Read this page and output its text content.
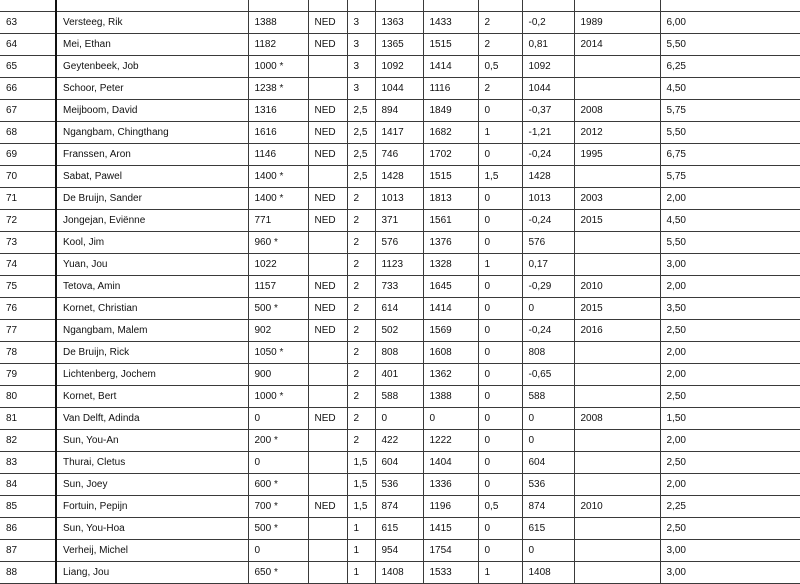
63	Versteeg, Rik	1388	NED	3	1363	1433	2	-0,2	1989	6,00
64	Mei, Ethan	1182	NED	3	1365	1515	2	0,81	2014	5,50
65	Geytenbeek, Job	1000 *		3	1092	1414	0,5	1092		6,25
66	Schoor, Peter	1238 *		3	1044	1116	2	1044		4,50
67	Meijboom, David	1316	NED	2,5	894	1849	0	-0,37	2008	5,75
68	Ngangbam, Chingthang	1616	NED	2,5	1417	1682	1	-1,21	2012	5,50
69	Franssen, Aron	1146	NED	2,5	746	1702	0	-0,24	1995	6,75
70	Sabat, Pawel	1400 *		2,5	1428	1515	1,5	1428		5,75
71	De Bruijn, Sander	1400 *	NED	2	1013	1813	0	1013	2003	2,00
72	Jongejan, Eviënne	771	NED	2	371	1561	0	-0,24	2015	4,50
73	Kool, Jim	960 *		2	576	1376	0	576		5,50
74	Yuan, Jou	1022		2	1123	1328	1	0,17		3,00
75	Tetova, Amin	1157	NED	2	733	1645	0	-0,29	2010	2,00
76	Kornet, Christian	500 *	NED	2	614	1414	0	0	2015	3,50
77	Ngangbam, Malem	902	NED	2	502	1569	0	-0,24	2016	2,50
78	De Bruijn, Rick	1050 *		2	808	1608	0	808		2,00
79	Lichtenberg, Jochem	900		2	401	1362	0	-0,65		2,00
80	Kornet, Bert	1000 *		2	588	1388	0	588		2,50
81	Van Delft, Adinda	0	NED	2	0	0	0	0	2008	1,50
82	Sun, You-An	200 *		2	422	1222	0	0		2,00
83	Thurai, Cletus	0		1,5	604	1404	0	604		2,50
84	Sun, Joey	600 *		1,5	536	1336	0	536		2,00
85	Fortuin, Pepijn	700 *	NED	1,5	874	1196	0,5	874	2010	2,25
86	Sun, You-Hoa	500 *		1	615	1415	0	615		2,50
87	Verheij, Michel	0		1	954	1754	0	0		3,00
88	Liang, Jou	650 *		1	1408	1533	1	1408		3,00
